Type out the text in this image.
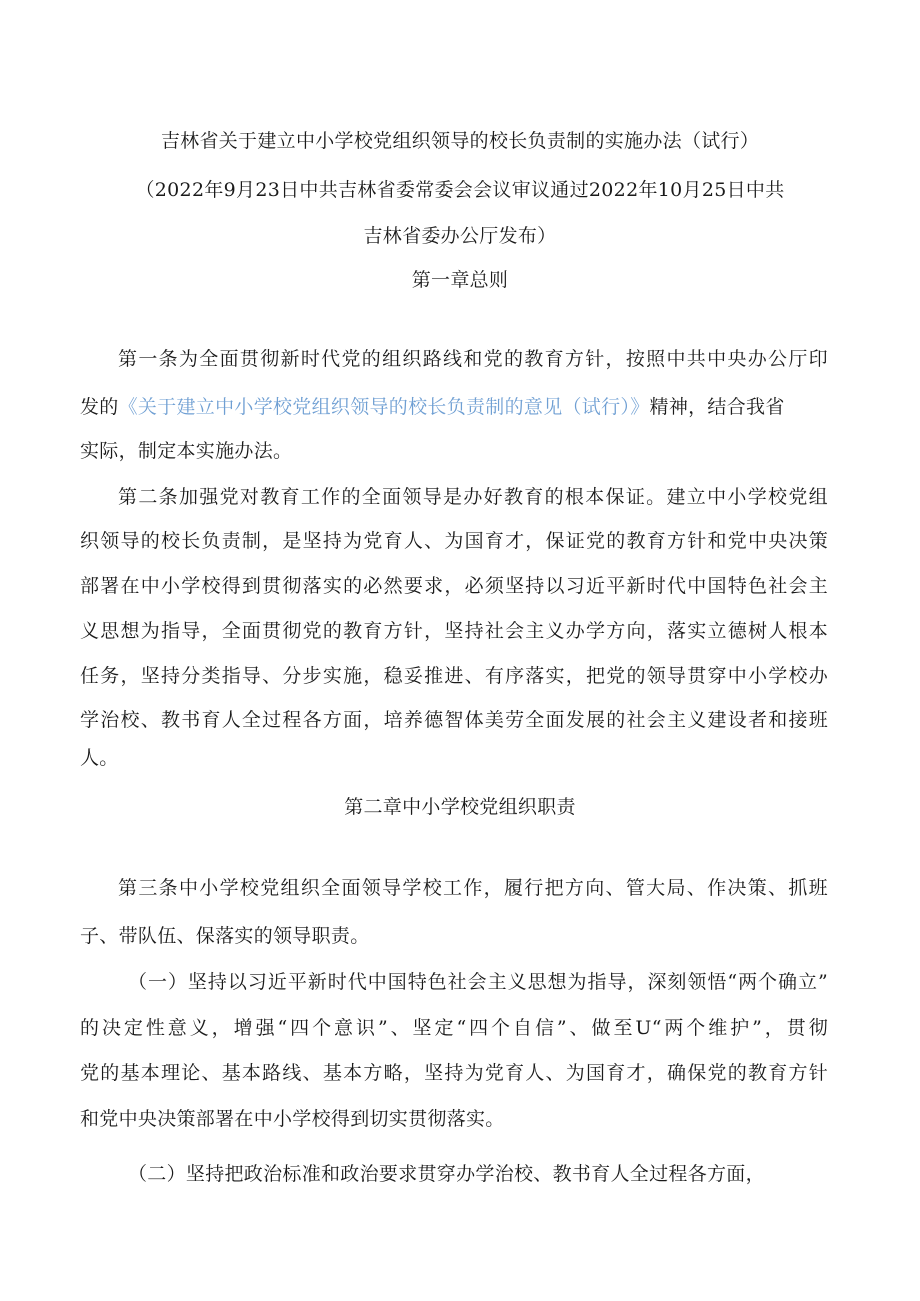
吉林省关于建立中小学校党组织领导的校长负责制的实施办法（试行）
（2022年9月23日中共吉林省委常委会会议审议通过2022年10月25日中共
吉林省委办公厅发布）
第一章总则
第一条为全面贯彻新时代党的组织路线和党的教育方针，按照中共中央办公厅印
发的《关于建立中小学校党组织领导的校长负责制的意见（试行）》精神，结合我省
实际，制定本实施办法。
第二条加强党对教育工作的全面领导是办好教育的根本保证。建立中小学校党组
织领导的校长负责制，是坚持为党育人、为国育才，保证党的教育方针和党中央决策
部署在中小学校得到贯彻落实的必然要求，必须坚持以习近平新时代中国特色社会主
义思想为指导，全面贯彻党的教育方针，坚持社会主义办学方向，落实立德树人根本
任务，坚持分类指导、分步实施，稳妥推进、有序落实，把党的领导贯穿中小学校办
学治校、教书育人全过程各方面，培养德智体美劳全面发展的社会主义建设者和接班
人。
第二章中小学校党组织职责
第三条中小学校党组织全面领导学校工作，履行把方向、管大局、作决策、抓班
子、带队伍、保落实的领导职责。
（一）坚持以习近平新时代中国特色社会主义思想为指导，深刻领悟“两个确立”
的决定性意义，增强“四个意识”、坚定“四个自信”、做至U“两个维护”，贯彻
党的基本理论、基本路线、基本方略，坚持为党育人、为国育才，确保党的教育方针
和党中央决策部署在中小学校得到切实贯彻落实。
（二）坚持把政治标准和政治要求贯穿办学治校、教书育人全过程各方面，
